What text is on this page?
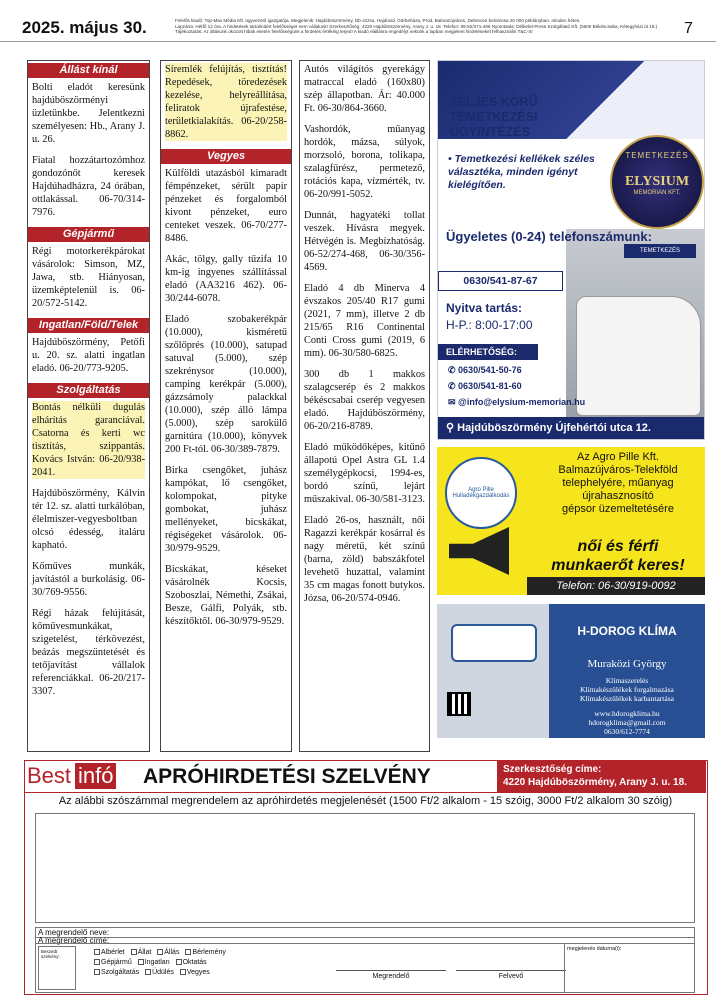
2025. május 30.	Felelős kiadó: Top-Max Média Kft. ügyvezető igazgatója. Megjelenik: Hajdúböszörmény, Db-Józsa, Hajdúvid, Görbeháza, Prod, Balmazújváros, Debrecen belvárosa 20 000 példányban, minden héten.
Lapzárta: Hétfő 12 óra. A hirdetések tartalmáért felelősséget nem vállalunk! Szerkesztőség: 4220 Hajdúböszörmény, Arany J. u. 18. Telefon: 06-52/371-466 Nyomtatás: Délkelet-Press Szolgáltató Kft. (5600 Békéscsaba, Kétegyházi út 18.)
Tájékoztatás: Az állásunk okozott hibák esetén felelősségünk a hirdetés értékéig terjed! A kiadó elállásra engedélyt nekünk a lapban megjelent hirdetéseket felhasználni T&C-S!	7
Állást kínál

Bolti eladót keresünk hajdúböszörményi üzletünkbe. Jelentkezni személyesen: Hb., Arany J. u. 26.

Fiatal hozzátartozómhoz gondozónőt keresek Hajdúhadházra, 24 órában, ottlakással. 06-70/314-7976.

Gépjármű

Régi motorkerékpárokat vásárolok: Simson, MZ, Jawa, stb. Hiányosan, üzemképtelenül is. 06-20/572-5142.

Ingatlan/Föld/Telek

Hajdúböszörmény, Petőfi u. 20. sz. alatti ingatlan eladó. 06-20/773-9205.

Szolgáltatás

Bontás nélküli dugulás elhárítás garanciával. Csatorna és kerti wc tisztítás, szippantás. Kovács István: 06-20/938-2041.

Hajdúböszörmény, Kálvin tér 12. sz. alatti turkálóban, élelmiszer-vegyesboltban olcsó édesség, italáru kapható.

Kőműves munkák, javítástól a burkolásig. 06-30/769-9556.

Régi házak felújítását, kőművesmunkákat, szigetelést, térkövezést, beázás megszüntetését és tetőjavítást vállalok referenciákkal. 06-20/217-3307.

Síremlék felújítás, tisztítás! Repedések, töredezések kezelése, helyreállítása, feliratok újrafestése, területkialakítás. 06-20/258-8862.

Vegyes

Külföldi utazásból kimaradt fémpénzeket, sérült papír pénzeket és forgalomból kivont pénzeket, euro centeket veszek. 06-70/277-8486.

Akác, tölgy, gally tűzifa 10 km-ig ingyenes szállítással eladó (AA3216 462). 06-30/244-6078.

Eladó szobakerékpár (10.000), kisméretű szőlőprés (10.000), satupad satuval (5.000), szép szekrénysor (10.000), camping kerékpár (5.000), gázzsámoly palackkal (10.000), szép álló lámpa (5.000), szép sarokülő garnitúra (10.000), könyvek 200 Ft-tól. 06-30/389-7879.

Birka csengőket, juhász kampókat, lő csengőket, kolompokat, pityke gombokat, juhász mellényeket, bicskákat, régiségeket vásárolok. 06-30/979-9529.

Bicskákat, késeket vásárolnék Kocsis, Szoboszlai, Némethi, Zsákai, Besze, Gálfi, Polyák, stb. készítőktől. 06-30/979-9529.

Autós világítós gyerekágy matraccal eladó (160x80) szép állapotban. Ár: 40.000 Ft. 06-30/864-3660.

Vashordók, műanyag hordók, mázsa, súlyok, morzsoló, borona, tolikapa, szalagfűrész, permetező, rotációs kapa, vízmérték, tv. 06-20/991-5052.

Dunnát, hagyatéki tollat veszek. Hívásra megyek. Hétvégén is. Megbízhatóság. 06-52/274-468, 06-30/356-4569.

Eladó 4 db Minerva 4 évszakos 205/40 R17 gumi (2021, 7 mm), illetve 2 db 215/65 R16 Continental Conti Cross gumi (2019, 6 mm). 06-30/580-6825.

300 db 1 makkos szalagcserép és 2 makkos békéscsabai cserép vegyesen eladó. Hajdúböszörmény, 06-20/216-8789.

Eladó működőképes, kitűnő állapotú Opel Astra GL 1.4 személygépkocsi, 1994-es, bordó színű, lejárt műszakival. 06-30/581-3123.

Eladó 26-os, használt, női Ragazzi kerékpár kosárral és nagy méretű, két színű (barna, zöld) babszákfotel levehető huzattal, valamint 35 cm magas fonott butykos. Józsa, 06-20/574-0946.

TELJES KÖRŰ TEMETKEZÉSI ÜGYINTÉZÉS
TEMETKEZÉS
ELYSIUM
MEMORIAN KFT.
• Temetkezési kellékek széles választéka, minden igényt kielégítően.
TEMETKEZÉS
Ügyeletes (0-24) telefonszámunk:
0630/541-87-67
Nyitva tartás:
H-P.: 8:00-17:00
ELÉRHETŐSÉG:
✆ 0630/541-50-76
✆ 0630/541-81-60
✉ @info@elysium-memorian.hu
⚲ Hajdúböszörmény Újfehértói utca 12.
Agro Pille Hulladékgazdálkodás
Az Agro Pille Kft.
Balmazújváros-Telekföld
telephelyére, műanyag
újrahasznosító
gépsor üzemeltetésére
női és férfi
munkaerőt keres!
Telefon: 06-30/919-0092
H-DOROG KLÍMA
Muraközi György
Klímaszerelés
Klímakészülékek forgalmazása
Klímakészülékek karbantartása
www.hdorogklima.hu
hdorogklima@gmail.com
0630/612-7774
Best infó APRÓHIRDETÉSI SZELVÉNY	Szerkesztőség címe:
4220 Hajdúböszörmény, Arany J. u. 18.
Az alábbi szószámmal megrendelem az apróhirdetés megjelenését (1500 Ft/2 alkalom - 15 szóig, 3000 Ft/2 alkalom 30 szóig)
A megrendelő neve:
A megrendelő címe:
Beszedt szelvény:
Albérlet Állat Állás Bérlemény
Gépjármű Ingatlan Oktatás
Szolgáltatás Üdülés Vegyes
Megrendelő	Felvevő
megjelenés dátuma(i):
